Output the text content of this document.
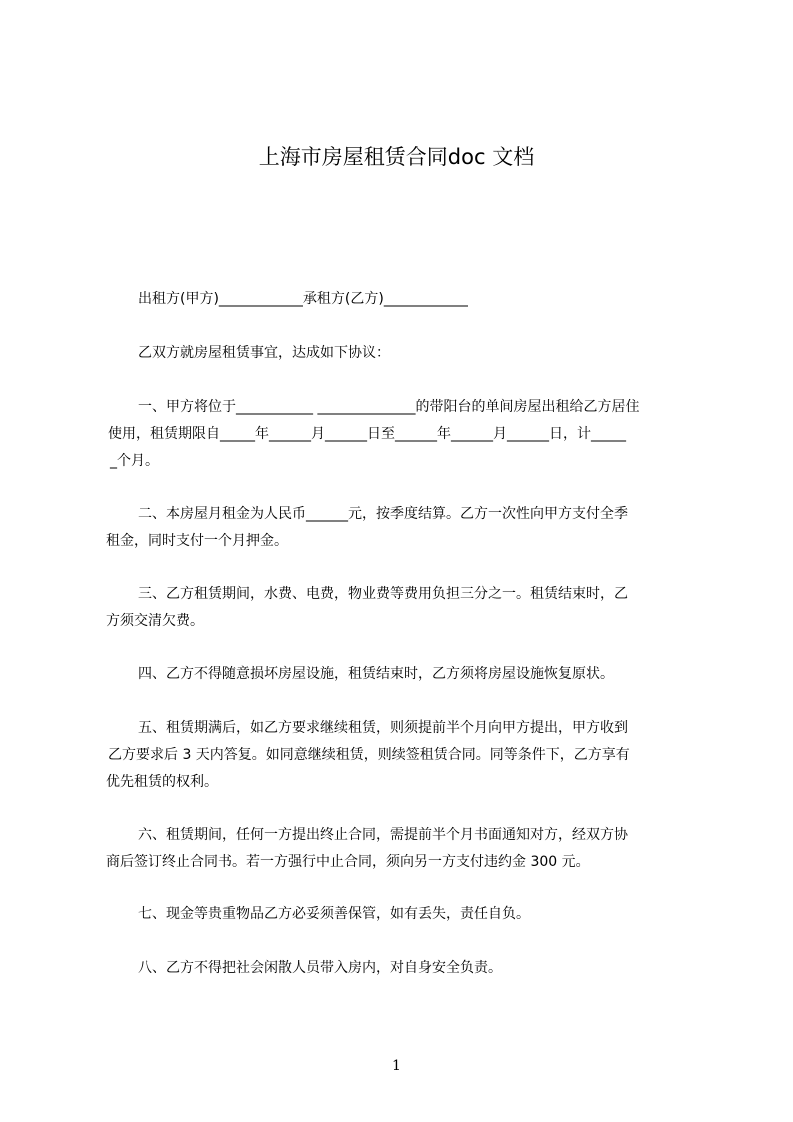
上海市房屋租赁合同doc 文档
出租方(甲方)____________承租方(乙方)____________
乙双方就房屋租赁事宜，达成如下协议：
一、甲方将位于___________ ______________的带阳台的单间房屋出租给乙方居住
使用，租赁期限自_____年______月______日至______年______月______日，计_____
_个月。
二、本房屋月租金为人民币______元，按季度结算。乙方一次性向甲方支付全季
租金，同时支付一个月押金。
三、乙方租赁期间，水费、电费，物业费等费用负担三分之一。租赁结束时，乙
方须交清欠费。
四、乙方不得随意损坏房屋设施，租赁结束时，乙方须将房屋设施恢复原状。
五、租赁期满后，如乙方要求继续租赁，则须提前半个月向甲方提出，甲方收到
乙方要求后 3 天内答复。如同意继续租赁，则续签租赁合同。同等条件下，乙方享有
优先租赁的权利。
六、租赁期间，任何一方提出终止合同，需提前半个月书面通知对方，经双方协
商后签订终止合同书。若一方强行中止合同，须向另一方支付违约金 300 元。
七、现金等贵重物品乙方必妥须善保管，如有丢失，责任自负。
八、乙方不得把社会闲散人员带入房内，对自身安全负责。
1
